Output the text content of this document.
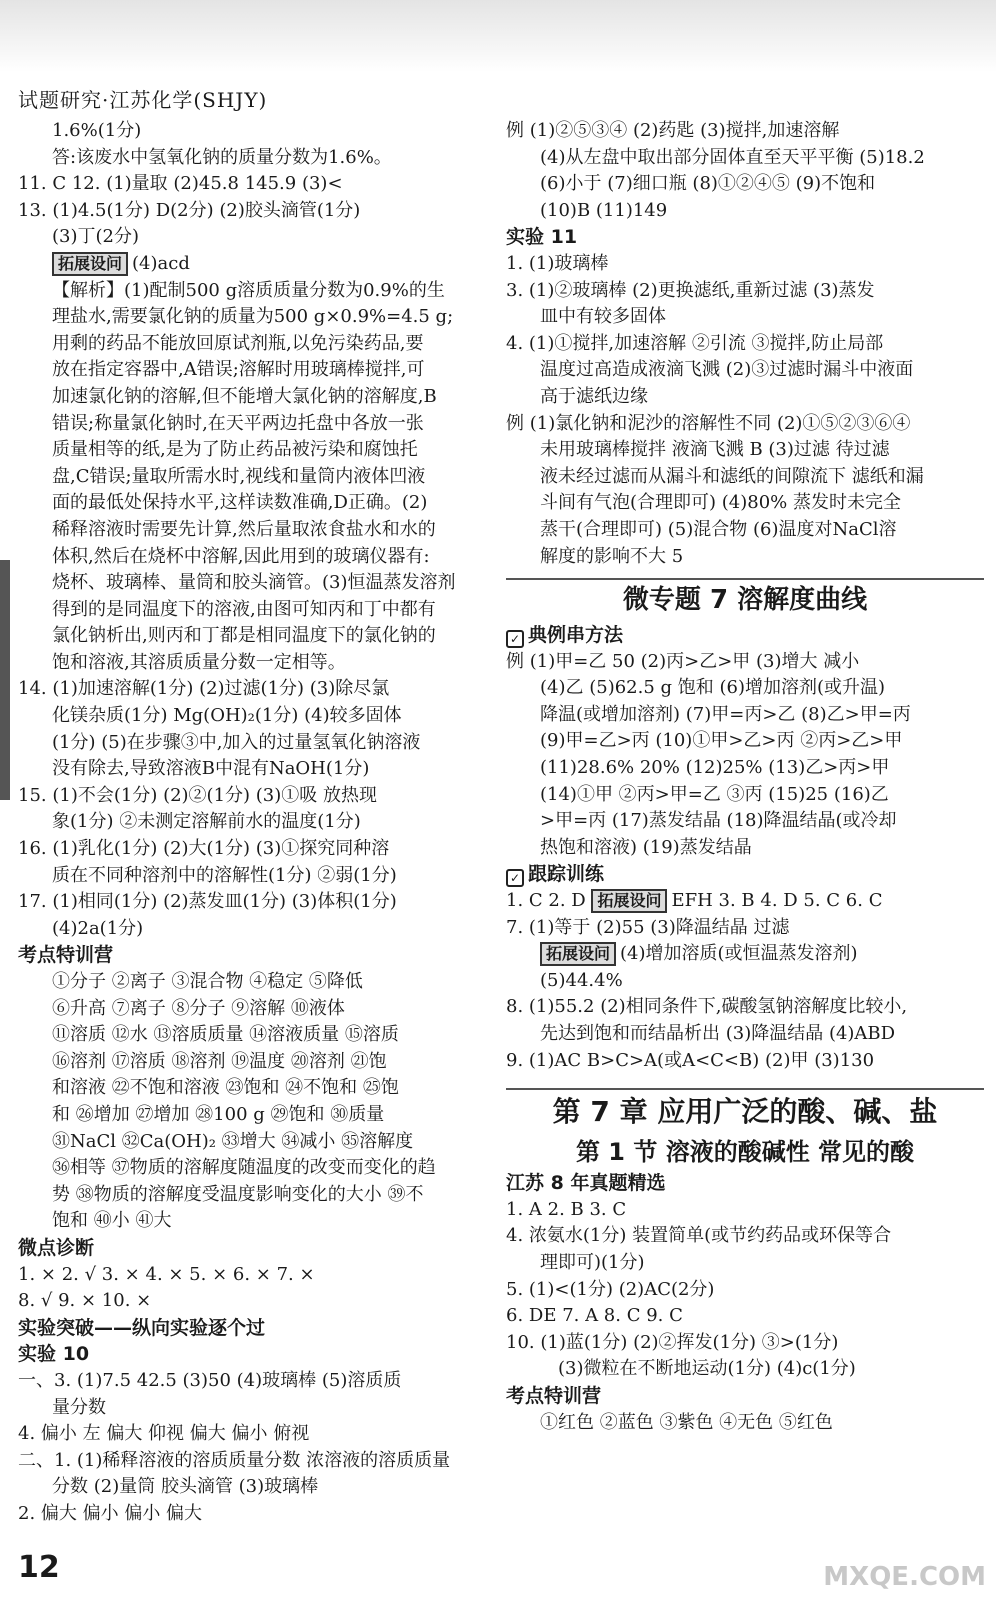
试题研究·江苏化学(SHJY)
1.6%(1分)
答:该废水中氢氧化钠的质量分数为1.6%。
11. C 12. (1)量取 (2)45.8 145.9 (3)<
13. (1)4.5(1分) D(2分) (2)胶头滴管(1分)
(3)丁(2分)
拓展设问 (4)acd
【解析】(1)配制500 g溶质质量分数为0.9%的生
理盐水,需要氯化钠的质量为500 g×0.9%=4.5 g;
用剩的药品不能放回原试剂瓶,以免污染药品,要
放在指定容器中,A错误;溶解时用玻璃棒搅拌,可
加速氯化钠的溶解,但不能增大氯化钠的溶解度,B
错误;称量氯化钠时,在天平两边托盘中各放一张
质量相等的纸,是为了防止药品被污染和腐蚀托
盘,C错误;量取所需水时,视线和量筒内液体凹液
面的最低处保持水平,这样读数准确,D正确。(2)
稀释溶液时需要先计算,然后量取浓食盐水和水的
体积,然后在烧杯中溶解,因此用到的玻璃仪器有:
烧杯、玻璃棒、量筒和胶头滴管。(3)恒温蒸发溶剂
得到的是同温度下的溶液,由图可知丙和丁中都有
氯化钠析出,则丙和丁都是相同温度下的氯化钠的
饱和溶液,其溶质质量分数一定相等。
14. (1)加速溶解(1分) (2)过滤(1分) (3)除尽氯
化镁杂质(1分) Mg(OH)₂(1分) (4)较多固体
(1分) (5)在步骤③中,加入的过量氢氧化钠溶液
没有除去,导致溶液B中混有NaOH(1分)
15. (1)不会(1分) (2)②(1分) (3)①吸 放热现
象(1分) ②未测定溶解前水的温度(1分)
16. (1)乳化(1分) (2)大(1分) (3)①探究同种溶
质在不同种溶剂中的溶解性(1分) ②弱(1分)
17. (1)相同(1分) (2)蒸发皿(1分) (3)体积(1分)
(4)2a(1分)
考点特训营
①分子 ②离子 ③混合物 ④稳定 ⑤降低
⑥升高 ⑦离子 ⑧分子 ⑨溶解 ⑩液体
⑪溶质 ⑫水 ⑬溶质质量 ⑭溶液质量 ⑮溶质
⑯溶剂 ⑰溶质 ⑱溶剂 ⑲温度 ⑳溶剂 ㉑饱
和溶液 ㉒不饱和溶液 ㉓饱和 ㉔不饱和 ㉕饱
和 ㉖增加 ㉗增加 ㉘100 g ㉙饱和 ㉚质量
㉛NaCl ㉜Ca(OH)₂ ㉝增大 ㉞减小 ㉟溶解度
㊱相等 ㊲物质的溶解度随温度的改变而变化的趋
势 ㊳物质的溶解度受温度影响变化的大小 ㊴不
饱和 ㊵小 ㊶大
微点诊断
1. × 2. √ 3. × 4. × 5. × 6. × 7. ×
8. √ 9. × 10. ×
实验突破——纵向实验逐个过
实验 10
一、3. (1)7.5 42.5 (3)50 (4)玻璃棒 (5)溶质质
量分数
4. 偏小 左 偏大 仰视 偏大 偏小 俯视
二、1. (1)稀释溶液的溶质质量分数 浓溶液的溶质质量
分数 (2)量筒 胶头滴管 (3)玻璃棒
2. 偏大 偏小 偏小 偏大
例 (1)②⑤③④ (2)药匙 (3)搅拌,加速溶解
(4)从左盘中取出部分固体直至天平平衡 (5)18.2
(6)小于 (7)细口瓶 (8)①②④⑤ (9)不饱和
(10)B (11)149
实验 11
1. (1)玻璃棒
3. (1)②玻璃棒 (2)更换滤纸,重新过滤 (3)蒸发
皿中有较多固体
4. (1)①搅拌,加速溶解 ②引流 ③搅拌,防止局部
温度过高造成液滴飞溅 (2)③过滤时漏斗中液面
高于滤纸边缘
例 (1)氯化钠和泥沙的溶解性不同 (2)①⑤②③⑥④
未用玻璃棒搅拌 液滴飞溅 B (3)过滤 待过滤
液未经过滤而从漏斗和滤纸的间隙流下 滤纸和漏
斗间有气泡(合理即可) (4)80% 蒸发时未完全
蒸干(合理即可) (5)混合物 (6)温度对NaCl溶
解度的影响不大 5
微专题 7 溶解度曲线
✓ 典例串方法
例 (1)甲=乙 50 (2)丙>乙>甲 (3)增大 减小
(4)乙 (5)62.5 g 饱和 (6)增加溶剂(或升温)
降温(或增加溶剂) (7)甲=丙>乙 (8)乙>甲=丙
(9)甲=乙>丙 (10)①甲>乙>丙 ②丙>乙>甲
(11)28.6% 20% (12)25% (13)乙>丙>甲
(14)①甲 ②丙>甲=乙 ③丙 (15)25 (16)乙
>甲=丙 (17)蒸发结晶 (18)降温结晶(或冷却
热饱和溶液) (19)蒸发结晶
✓ 跟踪训练
1. C 2. D 拓展设问 EFH 3. B 4. D 5. C 6. C
7. (1)等于 (2)55 (3)降温结晶 过滤
拓展设问 (4)增加溶质(或恒温蒸发溶剂)
(5)44.4%
8. (1)55.2 (2)相同条件下,碳酸氢钠溶解度比较小,
先达到饱和而结晶析出 (3)降温结晶 (4)ABD
9. (1)AC B>C>A(或A<C<B) (2)甲 (3)130
第 7 章 应用广泛的酸、碱、盐
第 1 节 溶液的酸碱性 常见的酸
江苏 8 年真题精选
1. A 2. B 3. C
4. 浓氨水(1分) 装置简单(或节约药品或环保等合
理即可)(1分)
5. (1)<(1分) (2)AC(2分)
6. DE 7. A 8. C 9. C
10. (1)蓝(1分) (2)②挥发(1分) ③>(1分)
(3)微粒在不断地运动(1分) (4)c(1分)
考点特训营
①红色 ②蓝色 ③紫色 ④无色 ⑤红色
12	MXQE.COM
